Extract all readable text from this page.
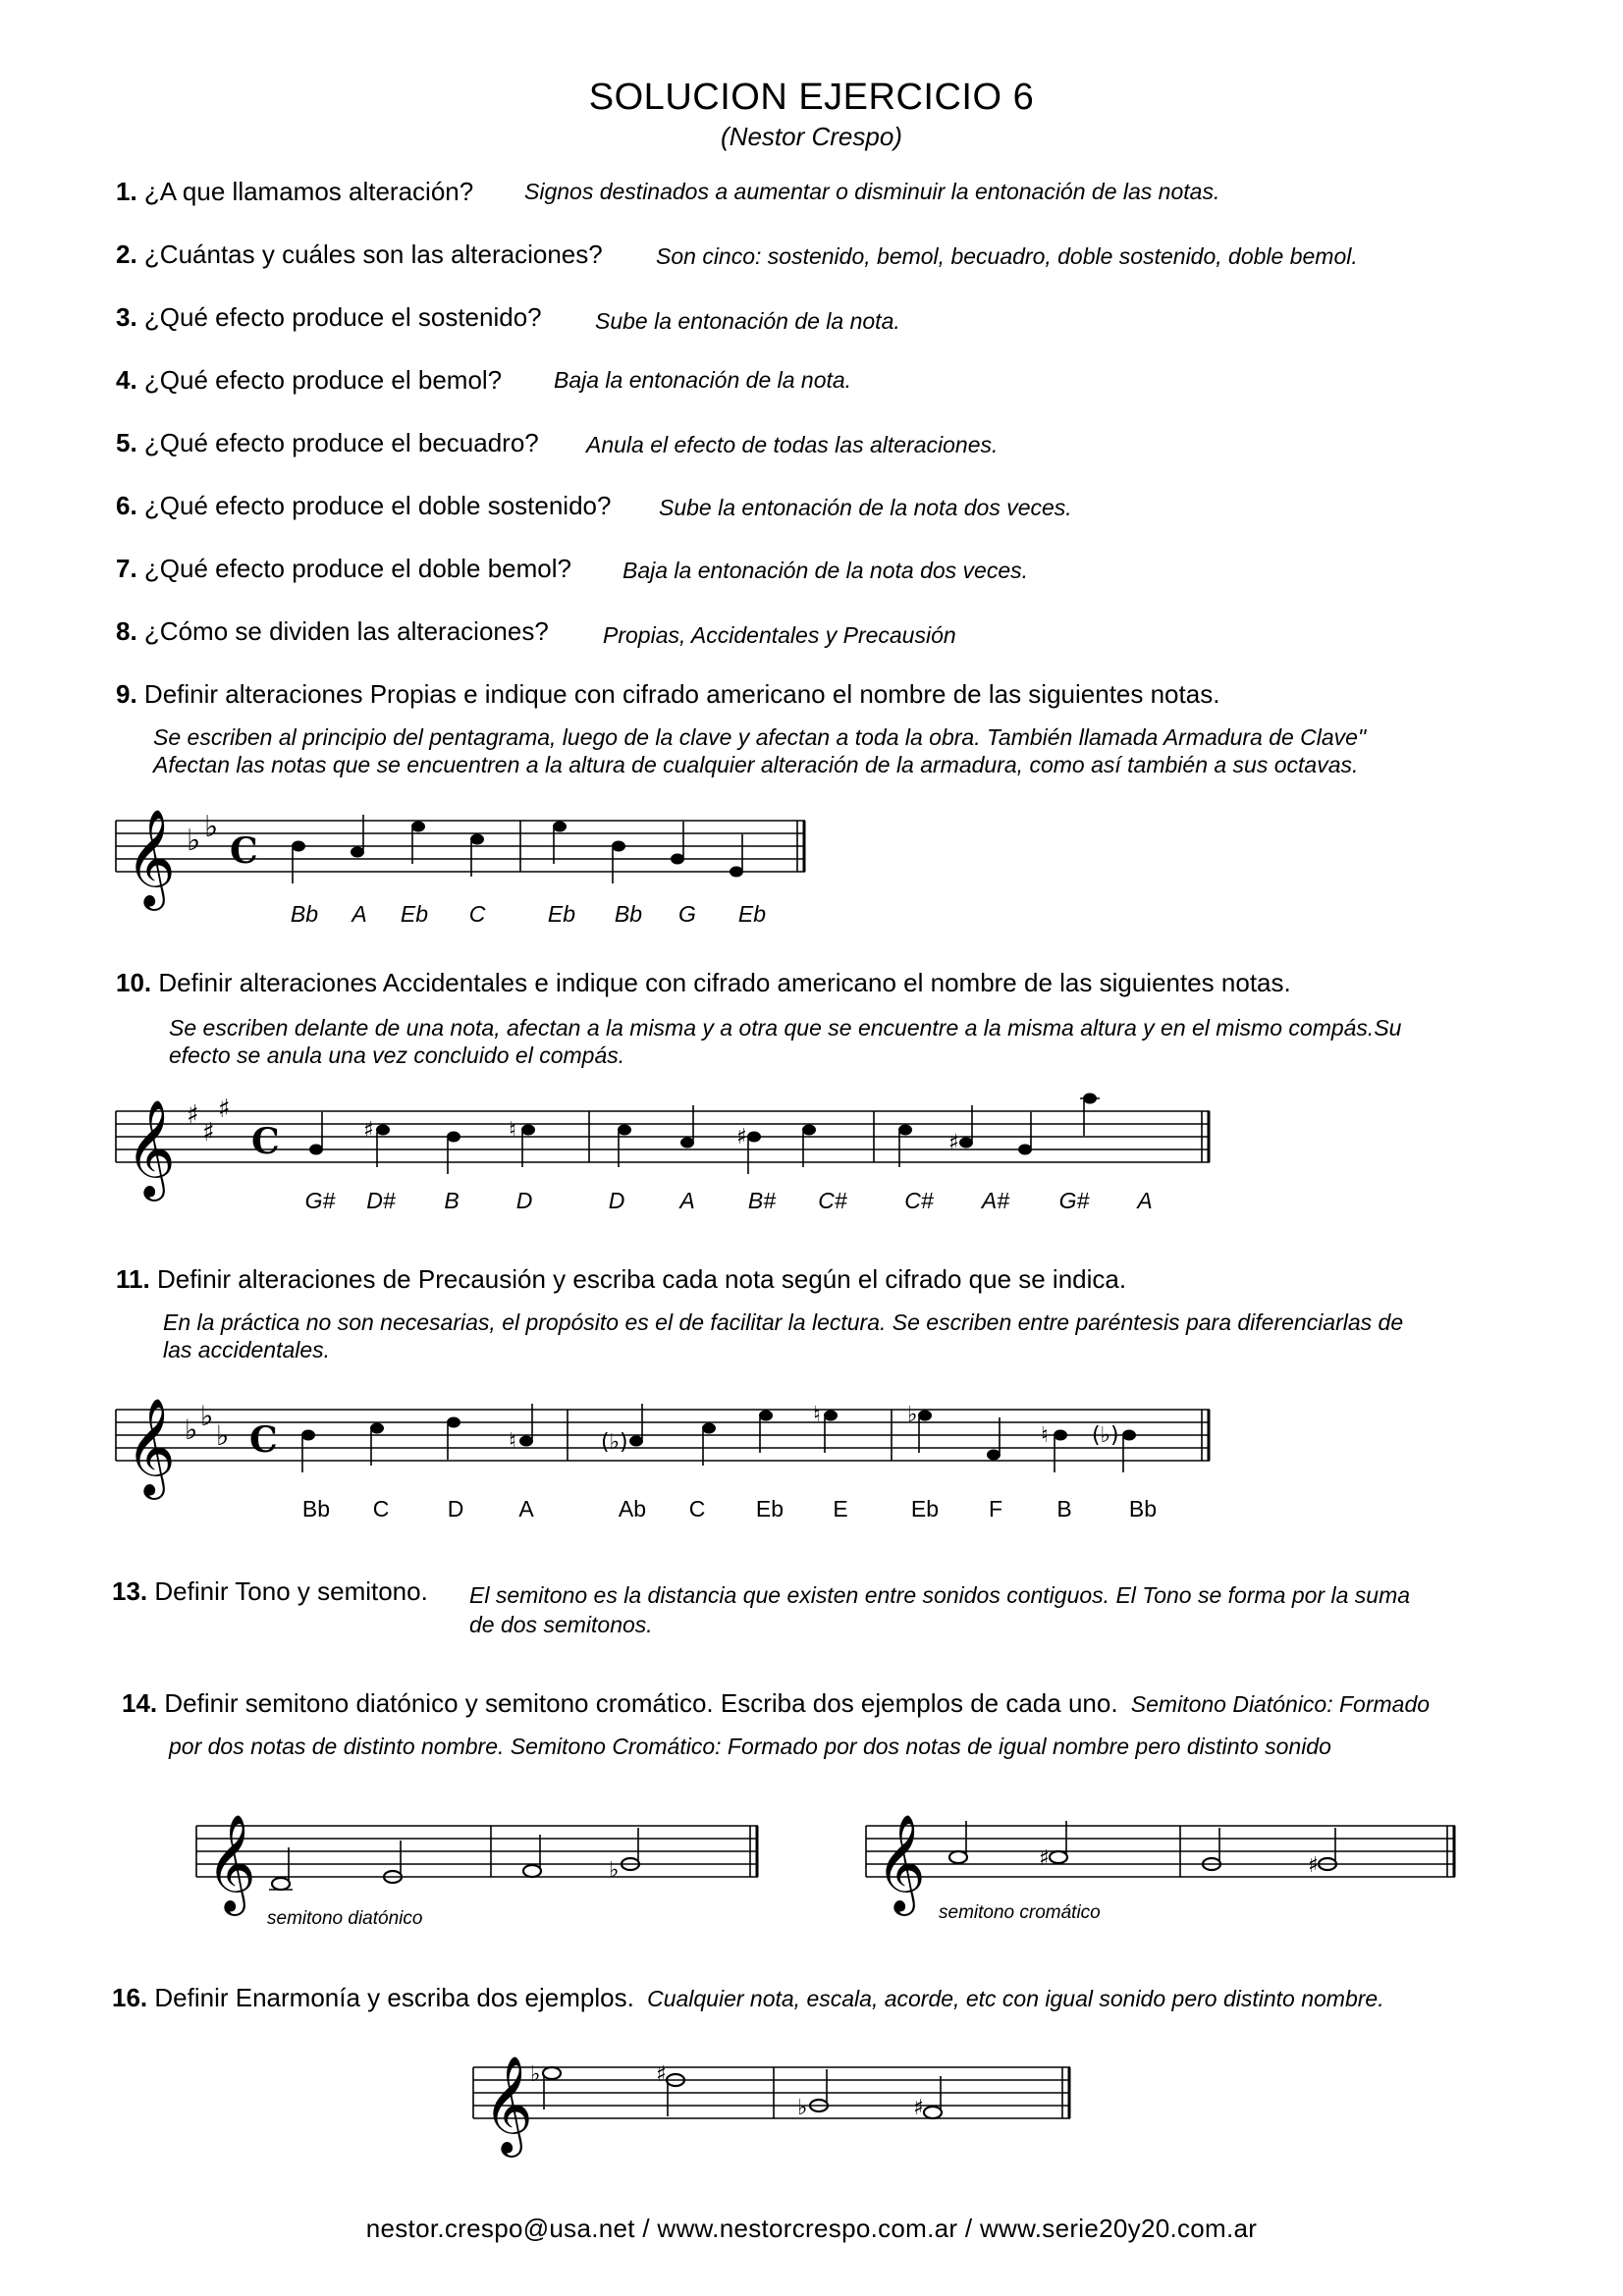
SOLUCION EJERCICIO 6
(Nestor Crespo)
1. ¿A que llamamos alteración? Signos destinados a aumentar o disminuir la entonación de las notas.
2. ¿Cuántas y cuáles son las alteraciones? Son cinco: sostenido, bemol, becuadro, doble sostenido, doble bemol.
3. ¿Qué efecto produce el sostenido? Sube la entonación de la nota.
4. ¿Qué efecto produce el bemol? Baja la entonación de la nota.
5. ¿Qué efecto produce el becuadro? Anula el efecto de todas las alteraciones.
6. ¿Qué efecto produce el doble sostenido? Sube la entonación de la nota dos veces.
7. ¿Qué efecto produce el doble bemol? Baja la entonación de la nota dos veces.
8. ¿Cómo se dividen las alteraciones? Propias, Accidentales y Precausión
9. Definir alteraciones Propias e indique con cifrado americano el nombre de las siguientes notas.
Se escriben al principio del pentagrama, luego de la clave y afectan a toda la obra. También llamada Armadura de Clave"
Afectan las notas que se encuentren a la altura de cualquier alteración de la armadura, como así también a sus octavas.
𝄞 ♭ ♭
C
Bb A Eb C	Eb Bb G Eb
10. Definir alteraciones Accidentales e indique con cifrado americano el nombre de las siguientes notas.
Se escriben delante de una nota, afectan a la misma y a otra que se encuentre a la misma altura y en el mismo compás.Su
efecto se anula una vez concluido el compás.
𝄞 ♯
♯
♯
C	♯	♮	♯	♯
G# D# B	D	D A B# C#	C# A# G# A
11. Definir alteraciones de Precausión y escriba cada nota según el cifrado que se indica.
En la práctica no son necesarias, el propósito es el de facilitar la lectura. Se escriben entre paréntesis para diferenciarlas de
las accidentales.
𝄞 ♭ ♭
♭ C	♮	(♭)
♮	♭
♮ (♭)
Bb C	D A	Ab C Eb E	Eb F B	Bb
13. Definir Tono y semitono. El semitono es la distancia que existen entre sonidos contiguos. El Tono se forma por la suma
de dos semitonos.
14. Definir semitono diatónico y semitono cromático. Escriba dos ejemplos de cada uno. Semitono Diatónico: Formado
por dos notas de distinto nombre. Semitono Cromático: Formado por dos notas de igual nombre pero distinto sonido
𝄞	♭
semitono diatónico
𝄞	♯	♯
semitono cromático
16. Definir Enarmonía y escriba dos ejemplos. Cualquier nota, escala, acorde, etc con igual sonido pero distinto nombre.
𝄞
♭	♯
♭	♯
nestor.crespo@usa.net / www.nestorcrespo.com.ar / www.serie20y20.com.ar
